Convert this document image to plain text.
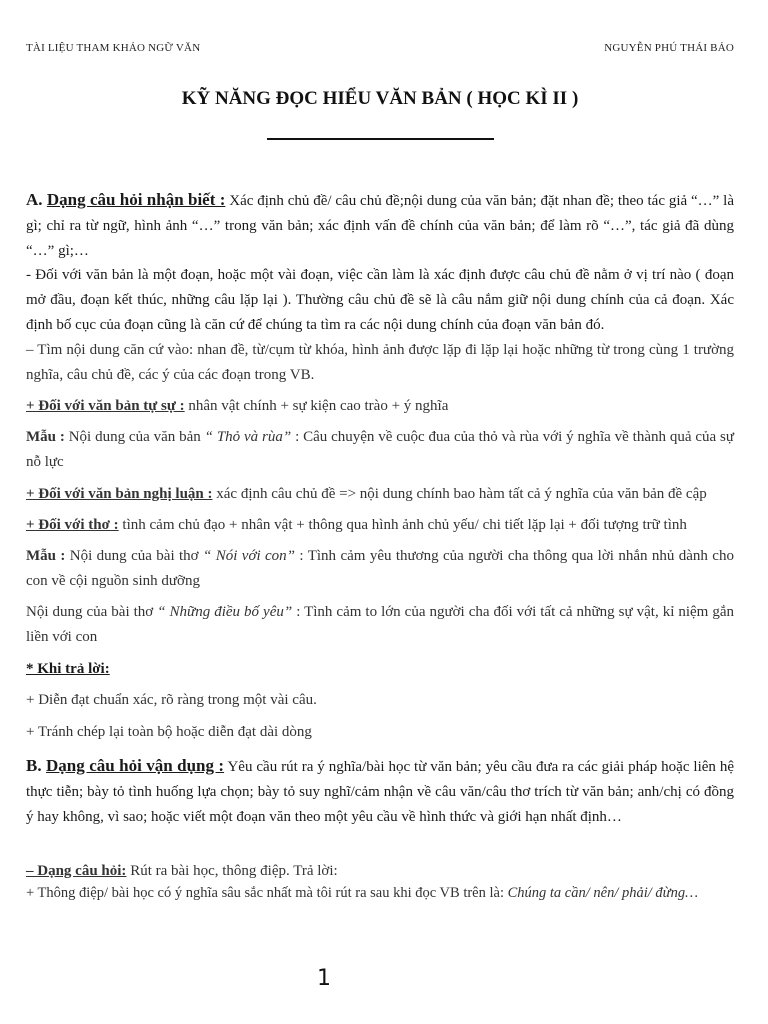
TÀI LIỆU THAM KHẢO NGỮ VĂN	NGUYỄN PHÚ THÁI BẢO
KỸ NĂNG ĐỌC HIỂU VĂN BẢN ( HỌC KÌ II )
A. Dạng câu hỏi nhận biết : Xác định chủ đề/ câu chủ đề;nội dung của văn bản; đặt nhan đề; theo tác giả “…” là gì; chỉ ra từ ngữ, hình ảnh “…” trong văn bản; xác định vấn đề chính của văn bản; để làm rõ “…”, tác giả đã dùng “…” gì;…
- Đối với văn bản là một đoạn, hoặc một vài đoạn, việc cần làm là xác định được câu chủ đề nằm ở vị trí nào ( đoạn mở đầu, đoạn kết thúc, những câu lặp lại ). Thường câu chủ đề sẽ là câu nắm giữ nội dung chính của cả đoạn. Xác định bố cục của đoạn cũng là căn cứ để chúng ta tìm ra các nội dung chính của đoạn văn bản đó.
– Tìm nội dung căn cứ vào: nhan đề, từ/cụm từ khóa, hình ảnh được lặp đi lặp lại hoặc những từ trong cùng 1 trường nghĩa, câu chủ đề, các ý của các đoạn trong VB.
+ Đối với văn bản tự sự : nhân vật chính + sự kiện cao trào + ý nghĩa
Mẫu : Nội dung của văn bản “ Thỏ và rùa” : Câu chuyện về cuộc đua của thỏ và rùa với ý nghĩa về thành quả của sự nỗ lực
+ Đối với văn bản nghị luận : xác định câu chủ đề => nội dung chính bao hàm tất cả ý nghĩa của văn bản đề cập
+ Đối với thơ : tình cảm chủ đạo + nhân vật + thông qua hình ảnh chủ yếu/ chi tiết lặp lại + đối tượng trữ tình
Mẫu : Nội dung của bài thơ “ Nói với con” : Tình cảm yêu thương của người cha thông qua lời nhắn nhủ dành cho con về cội nguồn sinh dưỡng
Nội dung của bài thơ “ Những điều bố yêu” : Tình cảm to lớn của người cha đối với tất cả những sự vật, kỉ niệm gắn liền với con
* Khi trả lời:
+ Diễn đạt chuẩn xác, rõ ràng trong một vài câu.
+ Tránh chép lại toàn bộ hoặc diễn đạt dài dòng
B. Dạng câu hỏi vận dụng : Yêu cầu rút ra ý nghĩa/bài học từ văn bản; yêu cầu đưa ra các giải pháp hoặc liên hệ thực tiễn; bày tỏ tình huống lựa chọn; bày tỏ suy nghĩ/cảm nhận về câu văn/câu thơ trích từ văn bản; anh/chị có đồng ý hay không, vì sao; hoặc viết một đoạn văn theo một yêu cầu về hình thức và giới hạn nhất định…
– Dạng câu hỏi: Rút ra bài học, thông điệp. Trả lời:
+ Thông điệp/ bài học có ý nghĩa sâu sắc nhất mà tôi rút ra sau khi đọc VB trên là: Chúng ta cần/ nên/ phải/ đừng…
1
